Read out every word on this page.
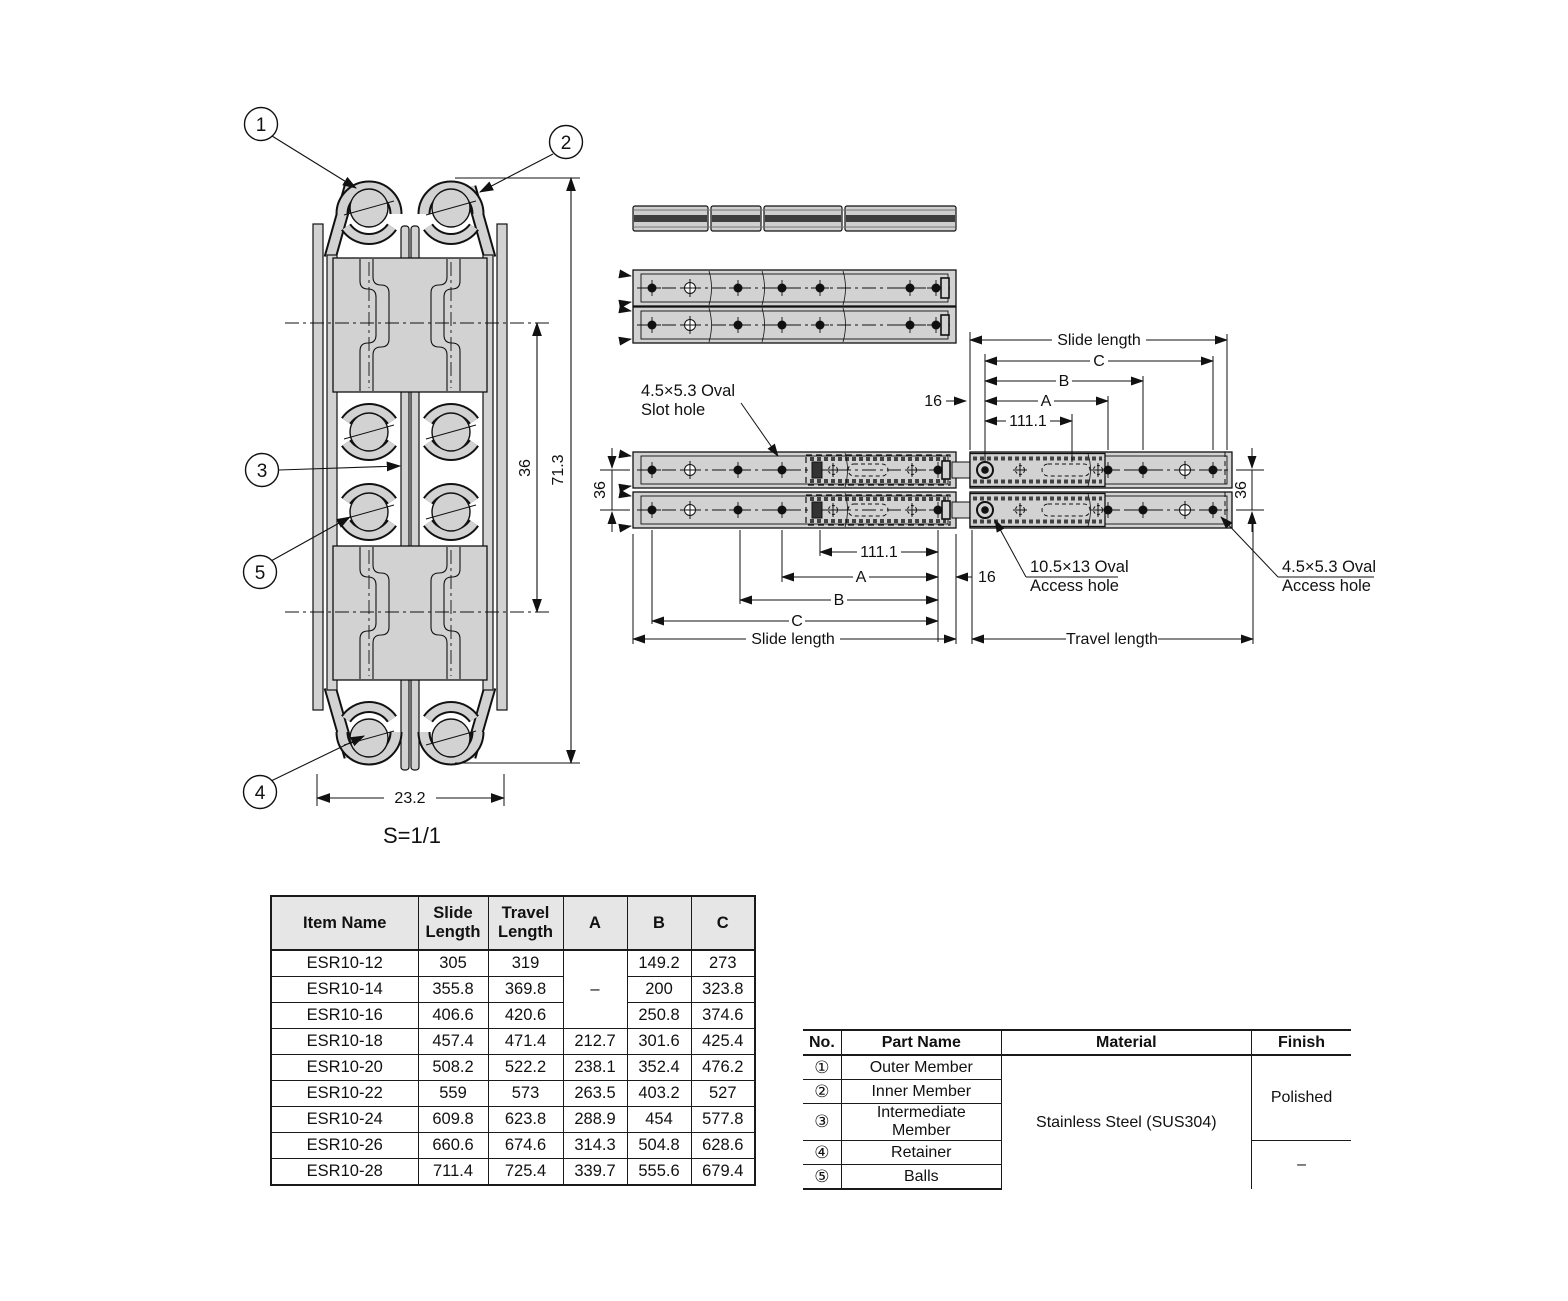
36 71.3
23.2
S=1/1
1
2
3
5
4
Slide length
C
B
A
111.1
16
111.1
A	16
B
C
Slide length	Travel length
36	36
4.5×5.3 Oval
Slot hole
10.5×13 Oval
Access hole
4.5×5.3 Oval
Access hole
Item Name	Slide Length	Travel Length	A	B	C
ESR10-12	305	319	–	149.2	273
ESR10-14	355.8	369.8		200	323.8
ESR10-16	406.6	420.6		250.8	374.6
ESR10-18	457.4	471.4	212.7	301.6	425.4
ESR10-20	508.2	522.2	238.1	352.4	476.2
ESR10-22	559	573	263.5	403.2	527
ESR10-24	609.8	623.8	288.9	454	577.8
ESR10-26	660.6	674.6	314.3	504.8	628.6
ESR10-28	711.4	725.4	339.7	555.6	679.4
No.	Part Name	Material	Finish
①	Outer Member	Stainless Steel (SUS304)	Polished
②	Inner Member		
③	Intermediate Member		
④	Retainer		–
⑤	Balls		
